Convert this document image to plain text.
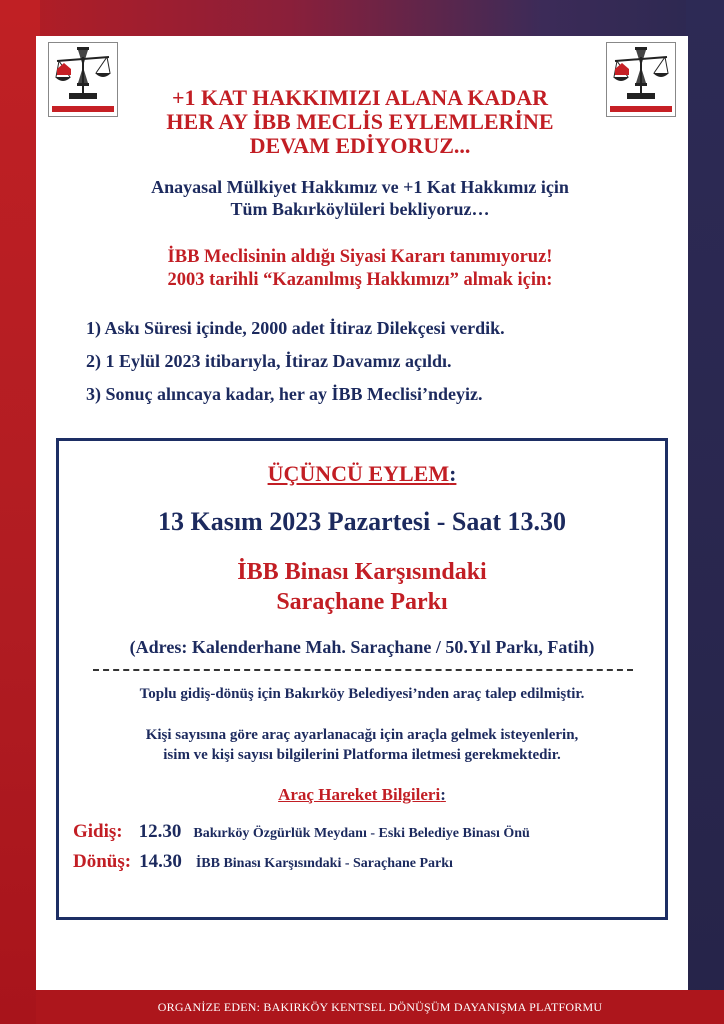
+1 KAT HAKKIMIZI ALANA KADAR
HER AY İBB MECLİS EYLEMLERİNE
DEVAM EDİYORUZ...
Anayasal Mülkiyet Hakkımız ve +1 Kat Hakkımız için
Tüm Bakırköylüleri bekliyoruz…
İBB Meclisinin aldığı Siyasi Kararı tanımıyoruz!
2003 tarihli “Kazanılmış Hakkımızı” almak için:
1) Askı Süresi içinde, 2000 adet İtiraz Dilekçesi verdik.
2) 1 Eylül 2023 itibarıyla, İtiraz Davamız açıldı.
3) Sonuç alıncaya kadar, her ay İBB Meclisi’ndeyiz.
ÜÇÜNCÜ EYLEM:
13 Kasım 2023 Pazartesi - Saat 13.30
İBB Binası Karşısındaki
Saraçhane Parkı
(Adres: Kalenderhane Mah. Saraçhane / 50.Yıl Parkı, Fatih)
Toplu gidiş-dönüş için Bakırköy Belediyesi’nden araç talep edilmiştir.
Kişi sayısına göre araç ayarlanacağı için araçla gelmek isteyenlerin,
isim ve kişi sayısı bilgilerini Platforma iletmesi gerekmektedir.
Araç Hareket Bilgileri:
Gidiş: 12.30 Bakırköy Özgürlük Meydanı - Eski Belediye Binası Önü
Dönüş: 14.30 İBB Binası Karşısındaki - Saraçhane Parkı
ORGANİZE EDEN: BAKIRKÖY KENTSEL DÖNÜŞÜM DAYANIŞMA PLATFORMU
